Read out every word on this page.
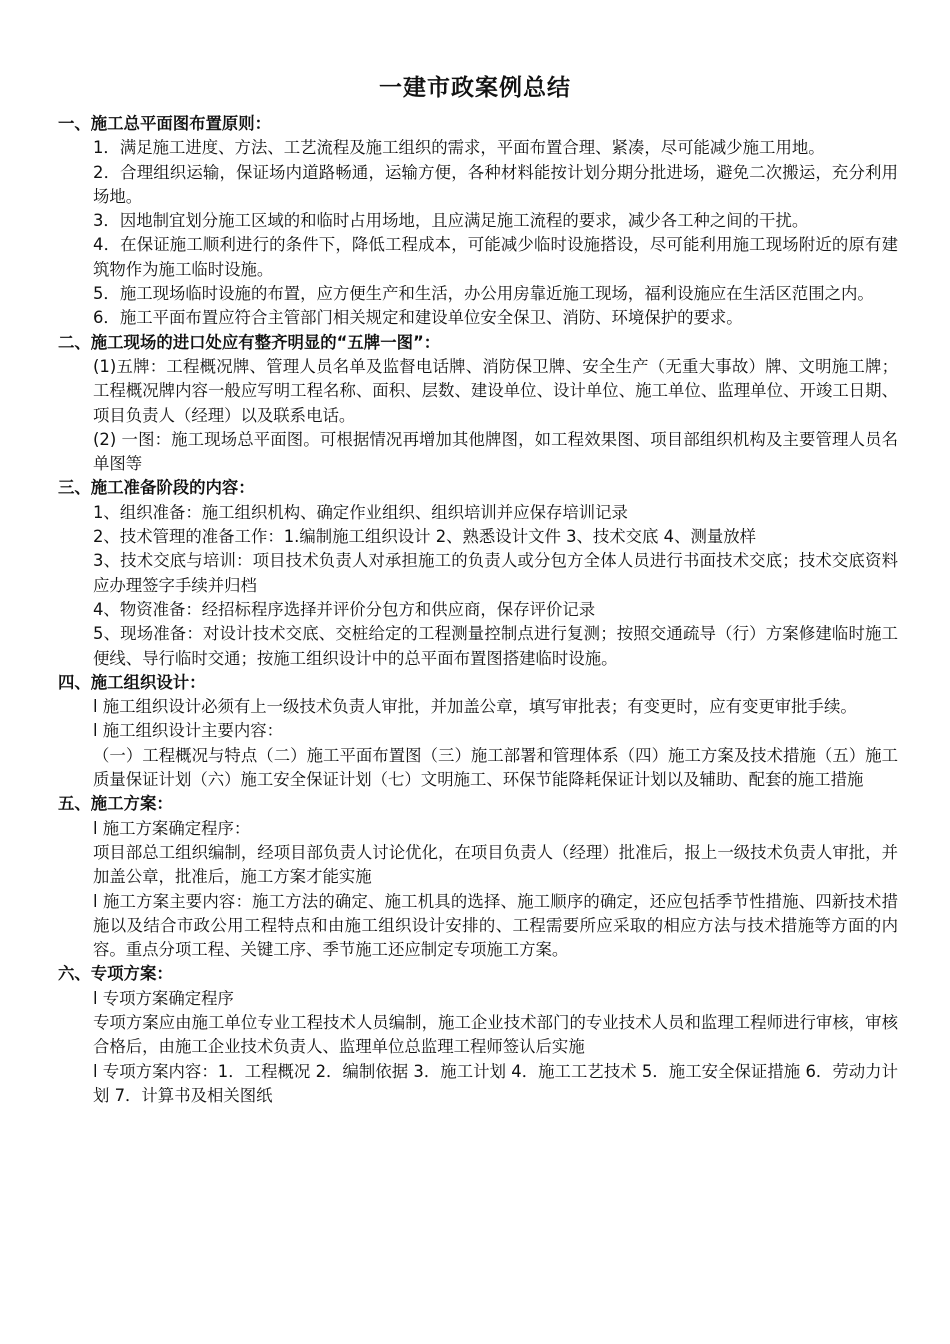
一建市政案例总结

一、施工总平面图布置原则：

1．满足施工进度、方法、工艺流程及施工组织的需求，平面布置合理、紧凑，尽可能减少施工用地。

2．合理组织运输，保证场内道路畅通，运输方便，各种材料能按计划分期分批进场，避免二次搬运，充分利用场地。

3．因地制宜划分施工区域的和临时占用场地，且应满足施工流程的要求，减少各工种之间的干扰。

4．在保证施工顺利进行的条件下，降低工程成本，可能减少临时设施搭设，尽可能利用施工现场附近的原有建筑物作为施工临时设施。

5．施工现场临时设施的布置，应方便生产和生活，办公用房靠近施工现场，福利设施应在生活区范围之内。

6．施工平面布置应符合主管部门相关规定和建设单位安全保卫、消防、环境保护的要求。

二、施工现场的进口处应有整齐明显的“五牌一图”：

(1)五牌：工程概况牌、管理人员名单及监督电话牌、消防保卫牌、安全生产（无重大事故）牌、文明施工牌；工程概况牌内容一般应写明工程名称、面积、层数、建设单位、设计单位、施工单位、监理单位、开竣工日期、项目负责人（经理）以及联系电话。

(2) 一图：施工现场总平面图。可根据情况再增加其他牌图，如工程效果图、项目部组织机构及主要管理人员名单图等

三、施工准备阶段的内容：

1、组织准备：施工组织机构、确定作业组织、组织培训并应保存培训记录

2、技术管理的准备工作：1.编制施工组织设计 2、熟悉设计文件 3、技术交底 4、测量放样

3、技术交底与培训：项目技术负责人对承担施工的负责人或分包方全体人员进行书面技术交底；技术交底资料应办理签字手续并归档

4、物资准备：经招标程序选择并评价分包方和供应商，保存评价记录

5、现场准备：对设计技术交底、交桩给定的工程测量控制点进行复测；按照交通疏导（行）方案修建临时施工便线、导行临时交通；按施工组织设计中的总平面布置图搭建临时设施。

四、施工组织设计：

l 施工组织设计必须有上一级技术负责人审批，并加盖公章，填写审批表；有变更时，应有变更审批手续。

l 施工组织设计主要内容：

（一）工程概况与特点（二）施工平面布置图（三）施工部署和管理体系（四）施工方案及技术措施（五）施工质量保证计划（六）施工安全保证计划（七）文明施工、环保节能降耗保证计划以及辅助、配套的施工措施

五、施工方案：

l 施工方案确定程序：

项目部总工组织编制，经项目部负责人讨论优化，在项目负责人（经理）批准后，报上一级技术负责人审批，并加盖公章，批准后，施工方案才能实施

l 施工方案主要内容：施工方法的确定、施工机具的选择、施工顺序的确定，还应包括季节性措施、四新技术措施以及结合市政公用工程特点和由施工组织设计安排的、工程需要所应采取的相应方法与技术措施等方面的内容。重点分项工程、关键工序、季节施工还应制定专项施工方案。

六、专项方案：

l 专项方案确定程序

专项方案应由施工单位专业工程技术人员编制，施工企业技术部门的专业技术人员和监理工程师进行审核，审核合格后，由施工企业技术负责人、监理单位总监理工程师签认后实施

l 专项方案内容：1．工程概况 2．编制依据 3．施工计划 4．施工工艺技术 5．施工安全保证措施 6．劳动力计划 7．计算书及相关图纸
